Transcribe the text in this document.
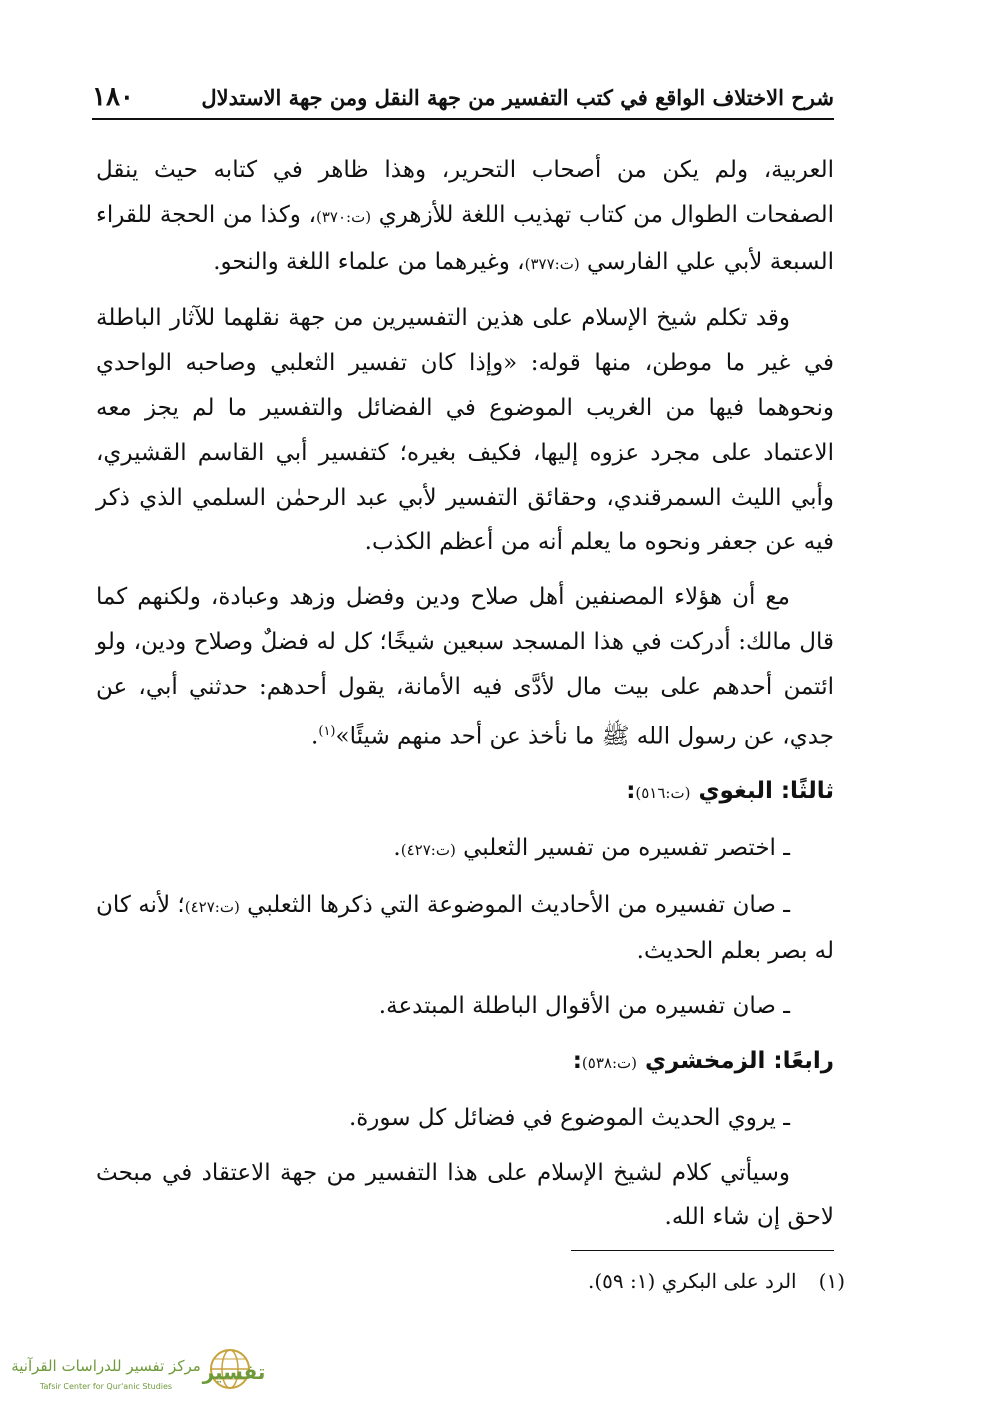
١٨٠	شرح الاختلاف الواقع في كتب التفسير من جهة النقل ومن جهة الاستدلال

العربية، ولم يكن من أصحاب التحرير، وهذا ظاهر في كتابه حيث ينقل الصفحات الطوال من كتاب تهذيب اللغة للأزهري (ت:٣٧٠)، وكذا من الحجة للقراء السبعة لأبي علي الفارسي (ت:٣٧٧)، وغيرهما من علماء اللغة والنحو.

وقد تكلم شيخ الإسلام على هذين التفسيرين من جهة نقلهما للآثار الباطلة في غير ما موطن، منها قوله: «وإذا كان تفسير الثعلبي وصاحبه الواحدي ونحوهما فيها من الغريب الموضوع في الفضائل والتفسير ما لم يجز معه الاعتماد على مجرد عزوه إليها، فكيف بغيره؛ كتفسير أبي القاسم القشيري، وأبي الليث السمرقندي، وحقائق التفسير لأبي عبد الرحمٰن السلمي الذي ذكر فيه عن جعفر ونحوه ما يعلم أنه من أعظم الكذب.

مع أن هؤلاء المصنفين أهل صلاح ودين وفضل وزهد وعبادة، ولكنهم كما قال مالك: أدركت في هذا المسجد سبعين شيخًا؛ كل له فضلٌ وصلاح ودين، ولو ائتمن أحدهم على بيت مال لأدَّى فيه الأمانة، يقول أحدهم: حدثني أبي، عن جدي، عن رسول الله ﷺ ما نأخذ عن أحد منهم شيئًا»$^{(١)}$.

ثالثًا: البغوي (ت:٥١٦):
ـ اختصر تفسيره من تفسير الثعلبي (ت:٤٢٧).
ـ صان تفسيره من الأحاديث الموضوعة التي ذكرها الثعلبي (ت:٤٢٧)؛ لأنه كان له بصر بعلم الحديث.
ـ صان تفسيره من الأقوال الباطلة المبتدعة.
رابعًا: الزمخشري (ت:٥٣٨):
ـ يروي الحديث الموضوع في فضائل كل سورة.

وسيأتي كلام لشيخ الإسلام على هذا التفسير من جهة الاعتقاد في مبحث لاحق إن شاء الله.

(١)الرد على البكري (١: ٥٩).
تفسير
مركز تفسير للدراسات القرآنية
Tafsir Center for Qur'anic Studies
